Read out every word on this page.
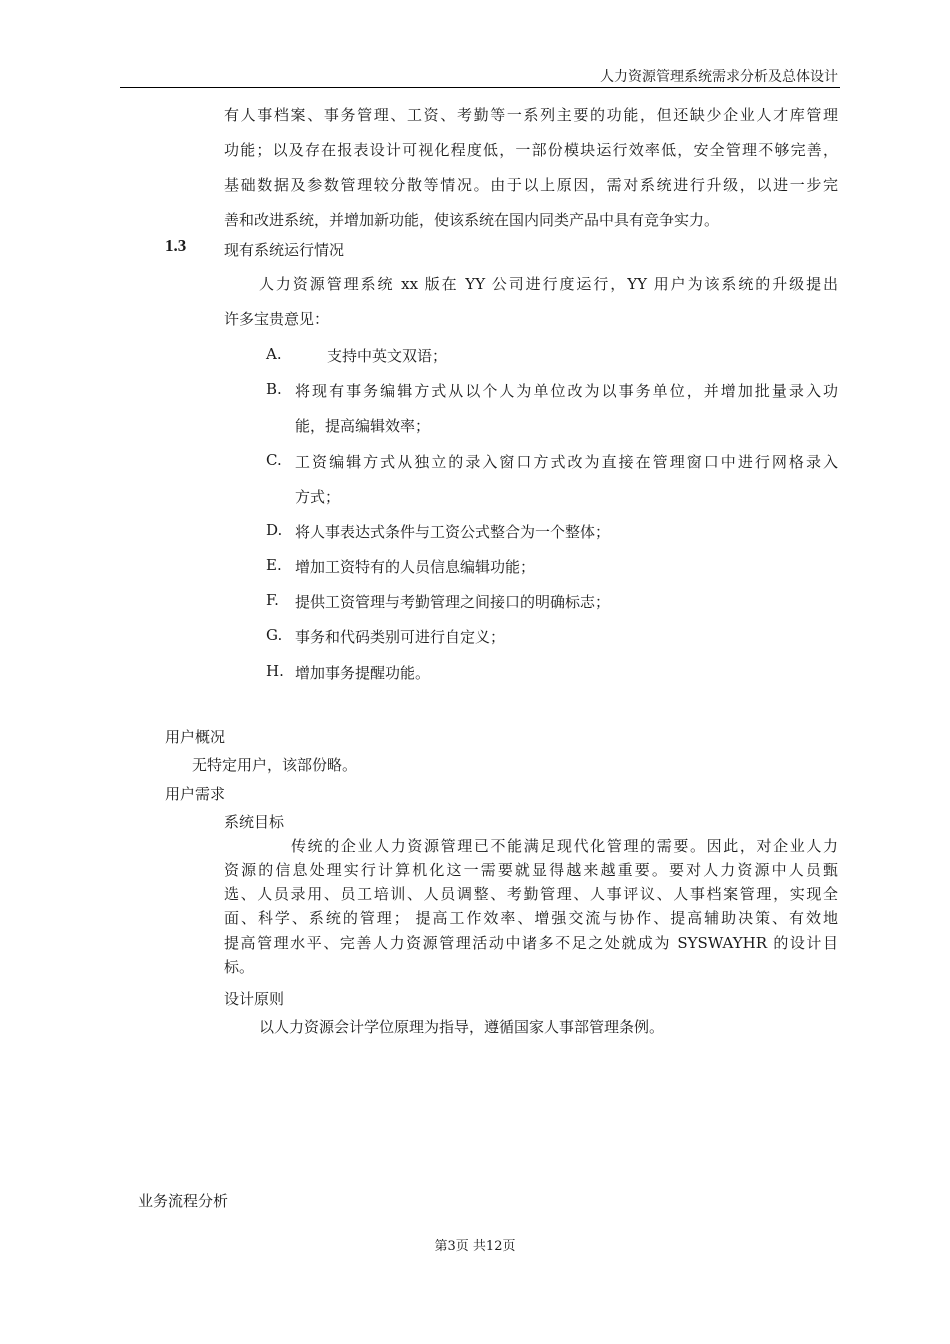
人力资源管理系统需求分析及总体设计
有人事档案、事务管理、工资、考勤等一系列主要的功能，但还缺少企业人才库管理
功能；以及存在报表设计可视化程度低，一部份模块运行效率低，安全管理不够完善，
基础数据及参数管理较分散等情况。由于以上原因，需对系统进行升级，以进一步完
善和改进系统，并增加新功能，使该系统在国内同类产品中具有竞争实力。
1.3	现有系统运行情况
人力资源管理系统 xx 版在 YY 公司进行度运行，YY 用户为该系统的升级提出
许多宝贵意见：
A.	支持中英文双语；
B. 将现有事务编辑方式从以个人为单位改为以事务单位，并增加批量录入功
能，提高编辑效率；
C. 工资编辑方式从独立的录入窗口方式改为直接在管理窗口中进行网格录入
方式；
D. 将人事表达式条件与工资公式整合为一个整体；
E. 增加工资特有的人员信息编辑功能；
F. 提供工资管理与考勤管理之间接口的明确标志；
G. 事务和代码类别可进行自定义；
H. 增加事务提醒功能。
用户概况
无特定用户，该部份略。
用户需求
系统目标
传统的企业人力资源管理已不能满足现代化管理的需要。因此，对企业人力
资源的信息处理实行计算机化这一需要就显得越来越重要。要对人力资源中人员甄
选、人员录用、员工培训、人员调整、考勤管理、人事评议、人事档案管理，实现全
面、科学、系统的管理； 提高工作效率、增强交流与协作、提高辅助决策、有效地
提高管理水平、完善人力资源管理活动中诸多不足之处就成为 SYSWAYHR 的设计目
标。
设计原则
以人力资源会计学位原理为指导，遵循国家人事部管理条例。
业务流程分析
第3页 共12页
